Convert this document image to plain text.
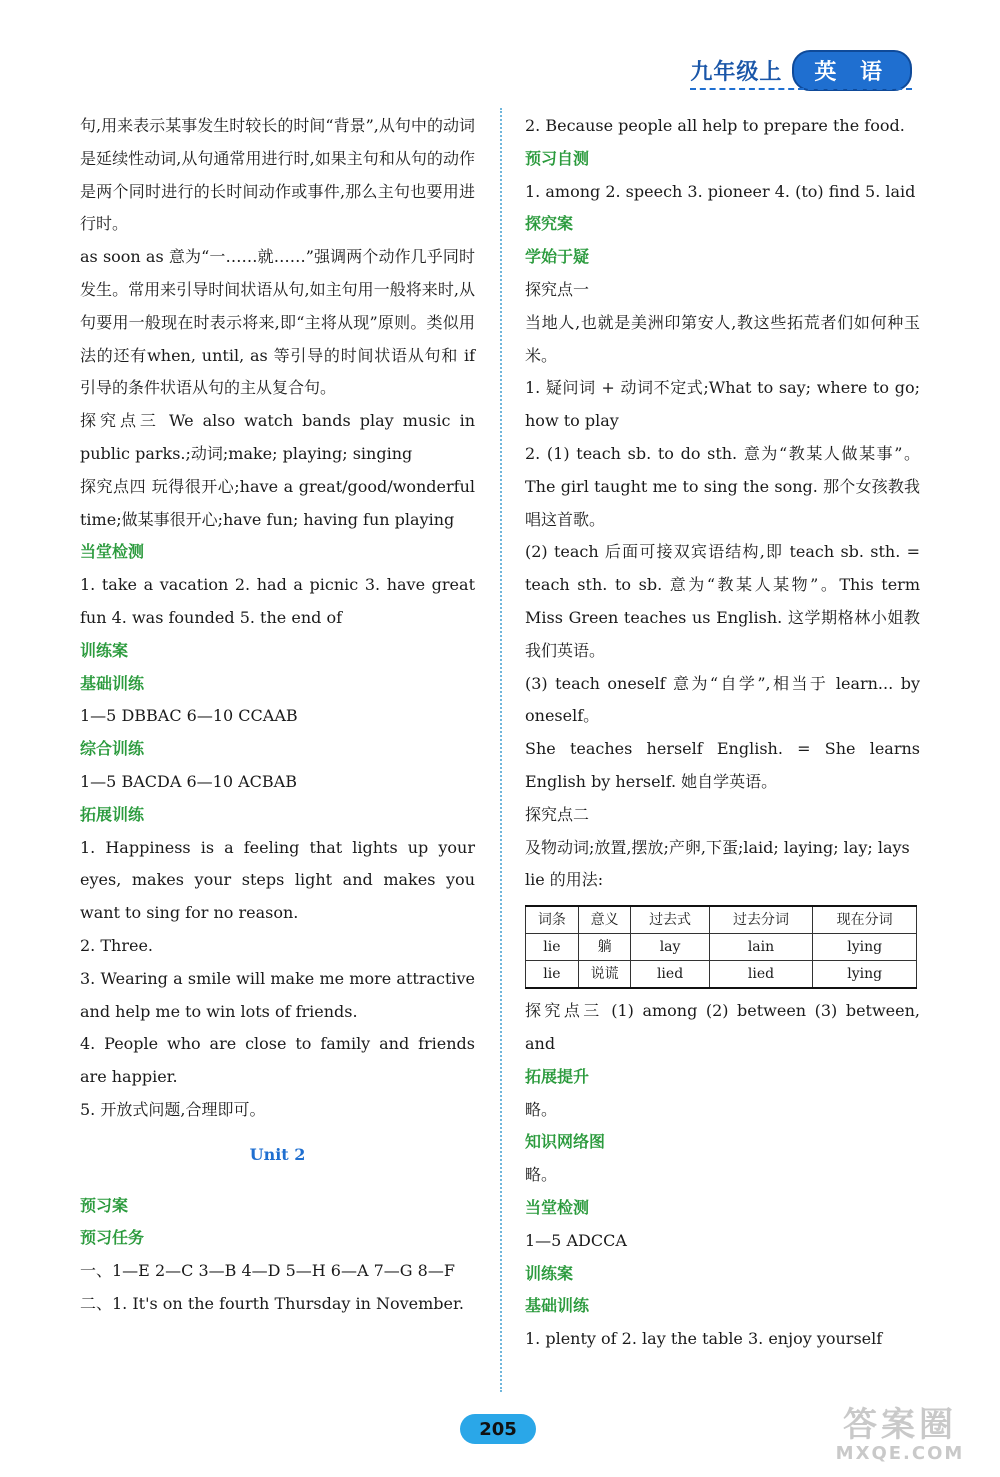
九年级上	英 语

句,用来表示某事发生时较长的时间“背景”,从句中的动词是延续性动词,从句通常用进行时,如果主句和从句的动作是两个同时进行的长时间动作或事件,那么主句也要用进行时。

as soon as 意为“一……就……”强调两个动作几乎同时发生。常用来引导时间状语从句,如主句用一般将来时,从句要用一般现在时表示将来,即“主将从现”原则。类似用法的还有when, until, as 等引导的时间状语从句和 if 引导的条件状语从句的主从复合句。

探究点三 We also watch bands play music in public parks.;动词;make; playing; singing

探究点四 玩得很开心;have a great/good/wonderful time;做某事很开心;have fun; having fun playing

当堂检测

1. take a vacation 2. had a picnic 3. have great fun 4. was founded 5. the end of

训练案

基础训练

1—5 DBBAC 6—10 CCAAB

综合训练

1—5 BACDA 6—10 ACBAB

拓展训练

1. Happiness is a feeling that lights up your eyes, makes your steps light and makes you want to sing for no reason.

2. Three.

3. Wearing a smile will make me more attractive and help me to win lots of friends.

4. People who are close to family and friends are happier.

5. 开放式问题,合理即可。

Unit 2

预习案

预习任务

一、1—E 2—C 3—B 4—D 5—H 6—A 7—G 8—F

二、1. It's on the fourth Thursday in November.

2. Because people all help to prepare the food.

预习自测

1. among 2. speech 3. pioneer 4. (to) find 5. laid

探究案

学始于疑

探究点一

当地人,也就是美洲印第安人,教这些拓荒者们如何种玉米。

1. 疑问词 + 动词不定式;What to say; where to go; how to play

2. (1) teach sb. to do sth. 意为“教某人做某事”。The girl taught me to sing the song. 那个女孩教我唱这首歌。

(2) teach 后面可接双宾语结构,即 teach sb. sth. = teach sth. to sb. 意为“教某人某物”。This term Miss Green teaches us English. 这学期格林小姐教我们英语。

(3) teach oneself 意为“自学”,相当于 learn... by oneself。

She teaches herself English. = She learns English by herself. 她自学英语。

探究点二

及物动词;放置,摆放;产卵,下蛋;laid; laying; lay; lays

lie 的用法:

词条	意义	过去式	过去分词	现在分词
lie	躺	lay	lain	lying
lie	说谎	lied	lied	lying

探究点三 (1) among (2) between (3) between, and

拓展提升

略。

知识网络图

略。

当堂检测

1—5 ADCCA

训练案

基础训练

1. plenty of 2. lay the table 3. enjoy yourself

205	答案圈
MXQE.COM
